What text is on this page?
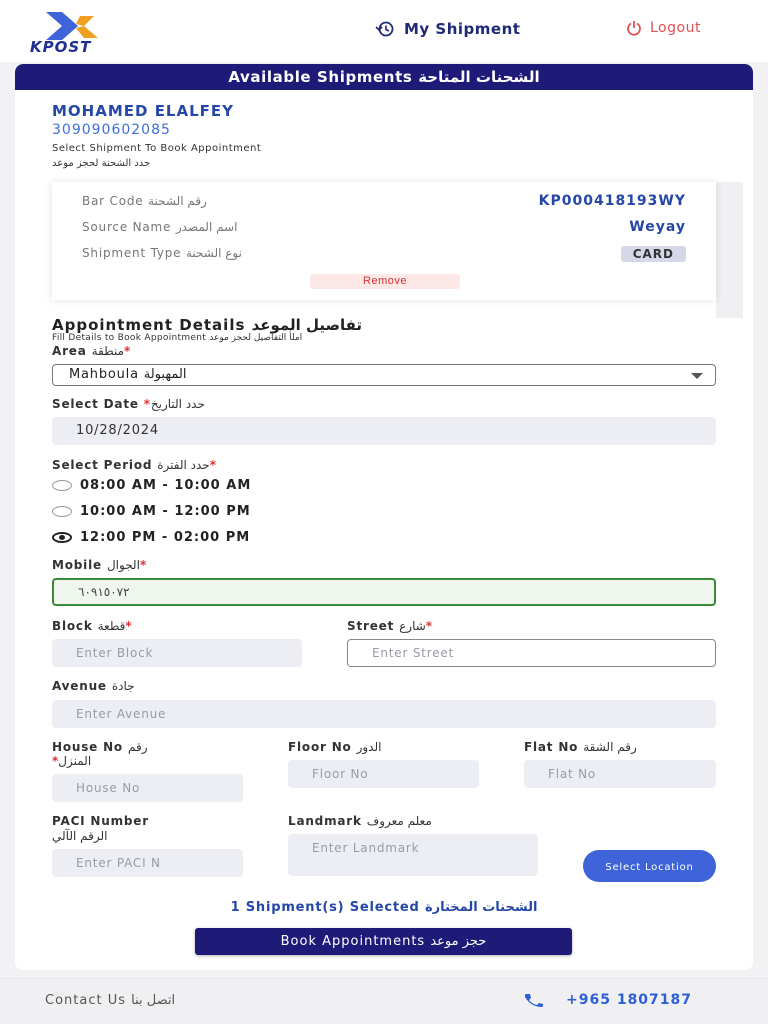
KPOST
My Shipment	Logout
Available Shipments الشحنات المتاحة
MOHAMED ELALFEY
309090602085
Select Shipment To Book Appointment
حدد الشحنة لحجز موعد
Bar Code رقم الشحنة	KP000418193WY
Source Name اسم المصدر	Weyay
Shipment Type نوع الشحنة	CARD
Remove
Appointment Details تفاصيل الموعد
Fill Details to Book Appointment املأ التفاصيل لحجز موعد
Area منطقة*
Mahboula المهبولة
Select Date *حدد التاريخ
10/28/2024
Select Period حدد الفترة*
08:00 AM - 10:00 AM
10:00 AM - 12:00 PM
12:00 PM - 02:00 PM
Mobile الجوال*
٦٠٩١٥٠٧٢
Block قطعة*
Enter Block	Street شارع*
Enter Street
Avenue جادة
Enter Avenue
House No رقم
*المنزل
House No
Floor No الدور
Floor No	Flat No رقم الشقة
Flat No
PACI Number
الرقم الآلي
Enter PACI N
Landmark معلم معروف
Enter Landmark
Select Location
1 Shipment(s) Selected الشحنات المختارة
Book Appointments حجز موعد
Contact Us اتصل بنا	+965 1807187
